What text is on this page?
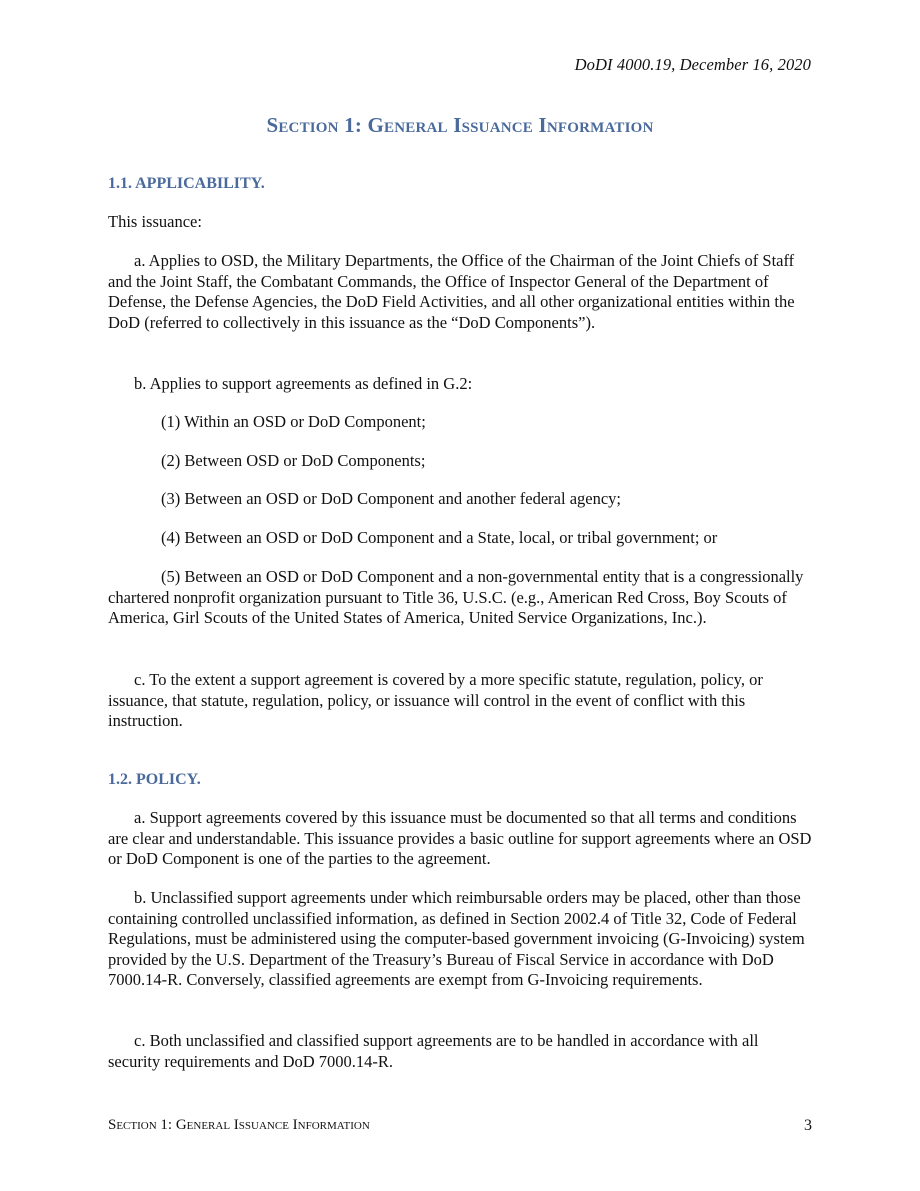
DoDI 4000.19, December 16, 2020
Section 1: General Issuance Information
1.1. APPLICABILITY.
This issuance:
a. Applies to OSD, the Military Departments, the Office of the Chairman of the Joint Chiefs of Staff and the Joint Staff, the Combatant Commands, the Office of Inspector General of the Department of Defense, the Defense Agencies, the DoD Field Activities, and all other organizational entities within the DoD (referred to collectively in this issuance as the “DoD Components”).
b. Applies to support agreements as defined in G.2:
(1) Within an OSD or DoD Component;
(2) Between OSD or DoD Components;
(3) Between an OSD or DoD Component and another federal agency;
(4) Between an OSD or DoD Component and a State, local, or tribal government; or
(5) Between an OSD or DoD Component and a non-governmental entity that is a congressionally chartered nonprofit organization pursuant to Title 36, U.S.C. (e.g., American Red Cross, Boy Scouts of America, Girl Scouts of the United States of America, United Service Organizations, Inc.).
c. To the extent a support agreement is covered by a more specific statute, regulation, policy, or issuance, that statute, regulation, policy, or issuance will control in the event of conflict with this instruction.
1.2. POLICY.
a. Support agreements covered by this issuance must be documented so that all terms and conditions are clear and understandable. This issuance provides a basic outline for support agreements where an OSD or DoD Component is one of the parties to the agreement.
b. Unclassified support agreements under which reimbursable orders may be placed, other than those containing controlled unclassified information, as defined in Section 2002.4 of Title 32, Code of Federal Regulations, must be administered using the computer-based government invoicing (G-Invoicing) system provided by the U.S. Department of the Treasury’s Bureau of Fiscal Service in accordance with DoD 7000.14-R. Conversely, classified agreements are exempt from G-Invoicing requirements.
c. Both unclassified and classified support agreements are to be handled in accordance with all security requirements and DoD 7000.14-R.
Section 1: General Issuance Information	3
